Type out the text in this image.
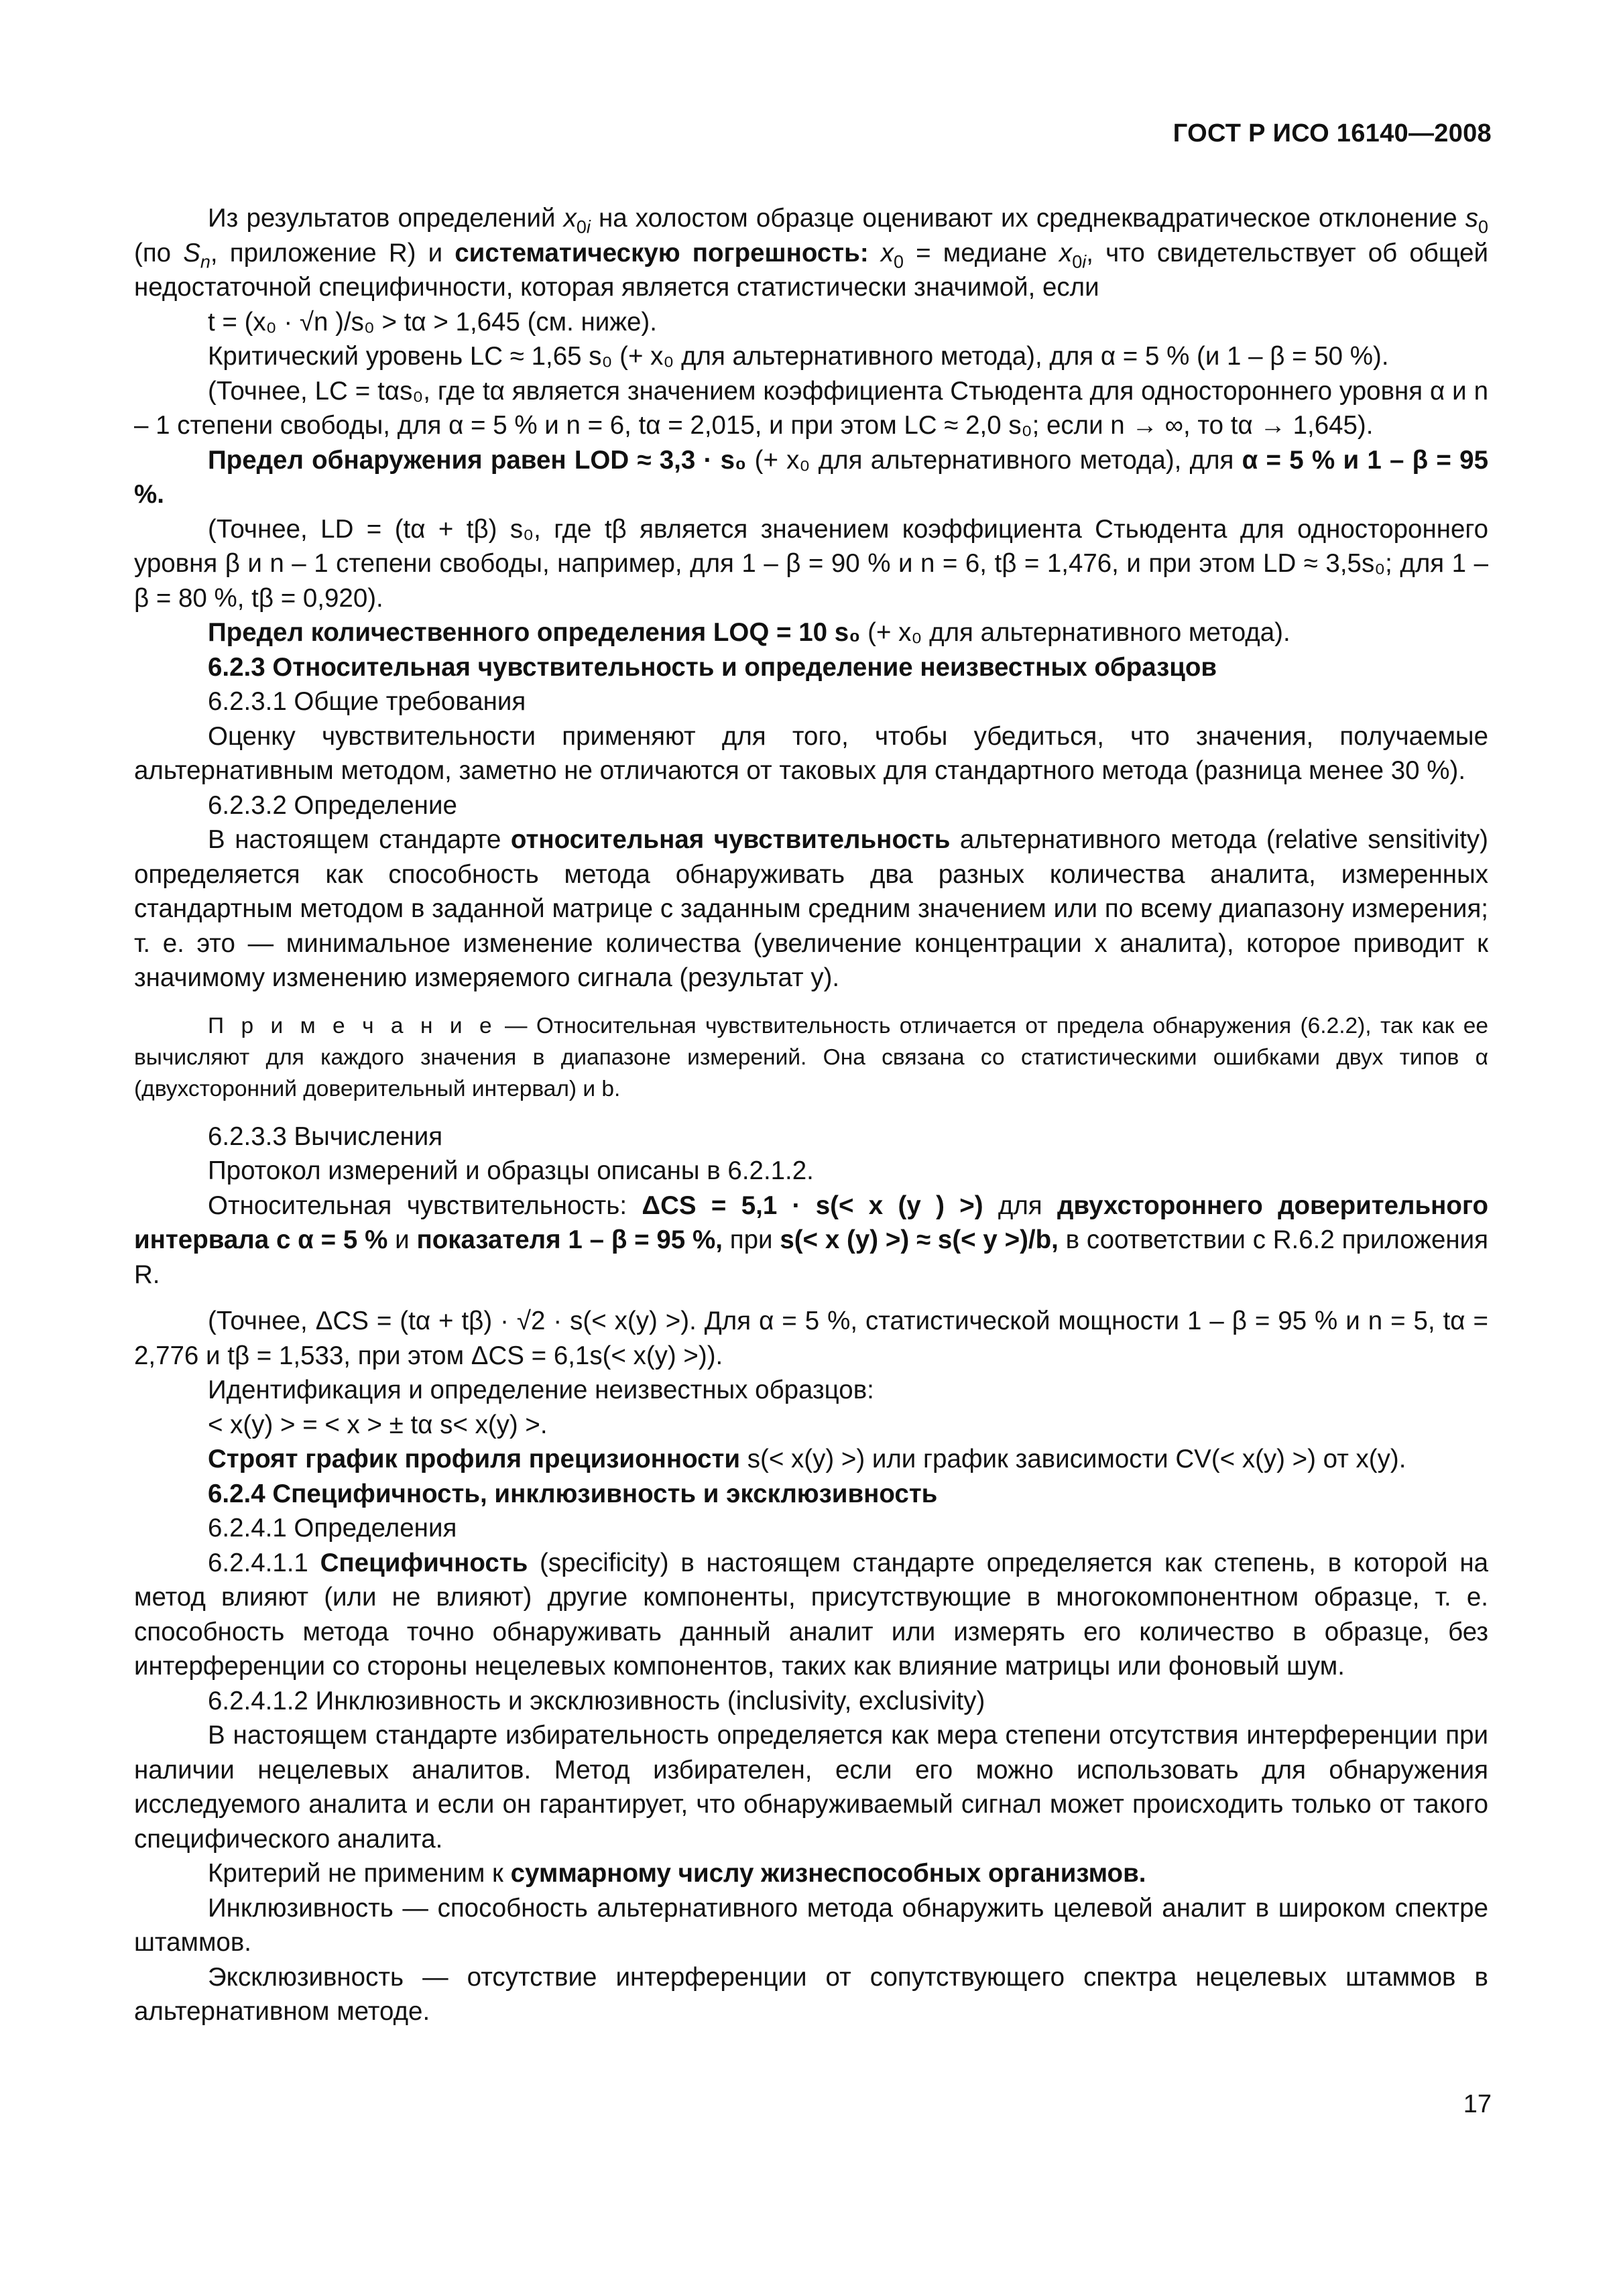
ГОСТ Р ИСО 16140—2008

Из результатов определений $x_{0i}$ на холостом образце оценивают их среднеквадратическое отклонение $s_0$ (по $S_n$, приложение R) и систематическую погрешность: $x_0$ = медиане $x_{0i}$, что свидетельствует об общей недостаточной специфичности, которая является статистически значимой, если

t = (x₀ · √n )/s₀ > tα > 1,645 (см. ниже).

Критический уровень LC ≈ 1,65 s₀ (+ x₀ для альтернативного метода), для α = 5 % (и 1 – β = 50 %).

(Точнее, LC = tαs₀, где tα является значением коэффициента Стьюдента для одностороннего уровня α и n – 1 степени свободы, для α = 5 % и n = 6, tα = 2,015, и при этом LC ≈ 2,0 s₀; если n → ∞, то tα → 1,645).

Предел обнаружения равен LOD ≈ 3,3 · s₀ (+ x₀ для альтернативного метода), для α = 5 % и 1 – β = 95 %.

(Точнее, LD = (tα + tβ) s₀, где tβ является значением коэффициента Стьюдента для одностороннего уровня β и n – 1 степени свободы, например, для 1 – β = 90 % и n = 6, tβ = 1,476, и при этом LD ≈ 3,5s₀; для 1 – β = 80 %, tβ = 0,920).

Предел количественного определения LOQ = 10 s₀ (+ x₀ для альтернативного метода).

6.2.3 Относительная чувствительность и определение неизвестных образцов

6.2.3.1 Общие требования

Оценку чувствительности применяют для того, чтобы убедиться, что значения, получаемые альтернативным методом, заметно не отличаются от таковых для стандартного метода (разница менее 30 %).

6.2.3.2 Определение

В настоящем стандарте относительная чувствительность альтернативного метода (relative sensitivity) определяется как способность метода обнаруживать два разных количества аналита, измеренных стандартным методом в заданной матрице с заданным средним значением или по всему диапазону измерения; т. е. это — минимальное изменение количества (увеличение концентрации x аналита), которое приводит к значимому изменению измеряемого сигнала (результат y).

П р и м е ч а н и е — Относительная чувствительность отличается от предела обнаружения (6.2.2), так как ее вычисляют для каждого значения в диапазоне измерений. Она связана со статистическими ошибками двух типов α (двухсторонний доверительный интервал) и b.

6.2.3.3 Вычисления

Протокол измерений и образцы описаны в 6.2.1.2.

Относительная чувствительность: ΔCS = 5,1 · s(< x (y ) >) для двухстороннего доверительного интервала с α = 5 % и показателя 1 – β = 95 %, при s(< x (y) >) ≈ s(< y >)/b, в соответствии с R.6.2 приложения R.

(Точнее, ΔCS = (tα + tβ) · √2 · s(< x(y) >). Для α = 5 %, статистической мощности 1 – β = 95 % и n = 5, tα = 2,776 и tβ = 1,533, при этом ΔCS = 6,1s(< x(y) >)).

Идентификация и определение неизвестных образцов:

< x(y) > = < x > ± tα s< x(y) >.

Строят график профиля прецизионности s(< x(y) >) или график зависимости CV(< x(y) >) от x(y).

6.2.4 Специфичность, инклюзивность и эксклюзивность

6.2.4.1 Определения

6.2.4.1.1 Специфичность (specificity) в настоящем стандарте определяется как степень, в которой на метод влияют (или не влияют) другие компоненты, присутствующие в многокомпонентном образце, т. е. способность метода точно обнаруживать данный аналит или измерять его количество в образце, без интерференции со стороны нецелевых компонентов, таких как влияние матрицы или фоновый шум.

6.2.4.1.2 Инклюзивность и эксклюзивность (inclusivity, exclusivity)

В настоящем стандарте избирательность определяется как мера степени отсутствия интерференции при наличии нецелевых аналитов. Метод избирателен, если его можно использовать для обнаружения исследуемого аналита и если он гарантирует, что обнаруживаемый сигнал может происходить только от такого специфического аналита.

Критерий не применим к суммарному числу жизнеспособных организмов.

Инклюзивность — способность альтернативного метода обнаружить целевой аналит в широком спектре штаммов.

Эксклюзивность — отсутствие интерференции от сопутствующего спектра нецелевых штаммов в альтернативном методе.

17
